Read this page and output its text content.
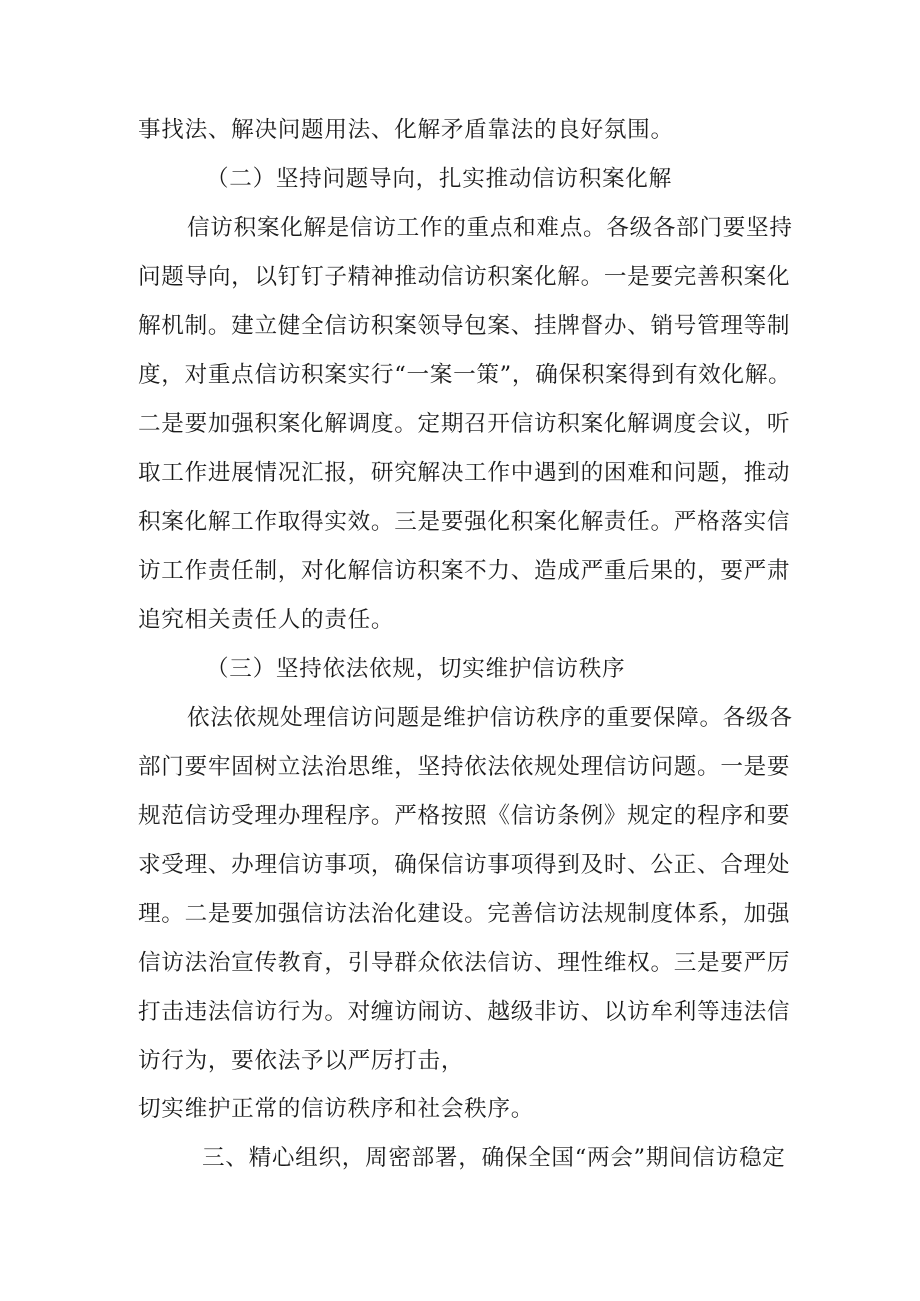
事找法、解决问题用法、化解矛盾靠法的良好氛围。
（二）坚持问题导向，扎实推动信访积案化解
信访积案化解是信访工作的重点和难点。各级各部门要坚持
问题导向，以钉钉子精神推动信访积案化解。一是要完善积案化
解机制。建立健全信访积案领导包案、挂牌督办、销号管理等制
度，对重点信访积案实行“一案一策”，确保积案得到有效化解。
二是要加强积案化解调度。定期召开信访积案化解调度会议，听
取工作进展情况汇报，研究解决工作中遇到的困难和问题，推动
积案化解工作取得实效。三是要强化积案化解责任。严格落实信
访工作责任制，对化解信访积案不力、造成严重后果的，要严肃
追究相关责任人的责任。
（三）坚持依法依规，切实维护信访秩序
依法依规处理信访问题是维护信访秩序的重要保障。各级各
部门要牢固树立法治思维，坚持依法依规处理信访问题。一是要
规范信访受理办理程序。严格按照《信访条例》规定的程序和要
求受理、办理信访事项，确保信访事项得到及时、公正、合理处
理。二是要加强信访法治化建设。完善信访法规制度体系，加强
信访法治宣传教育，引导群众依法信访、理性维权。三是要严厉
打击违法信访行为。对缠访闹访、越级非访、以访牟利等违法信
访行为，要依法予以严厉打击，
切实维护正常的信访秩序和社会秩序。
三、精心组织，周密部署，确保全国“两会”期间信访稳定
